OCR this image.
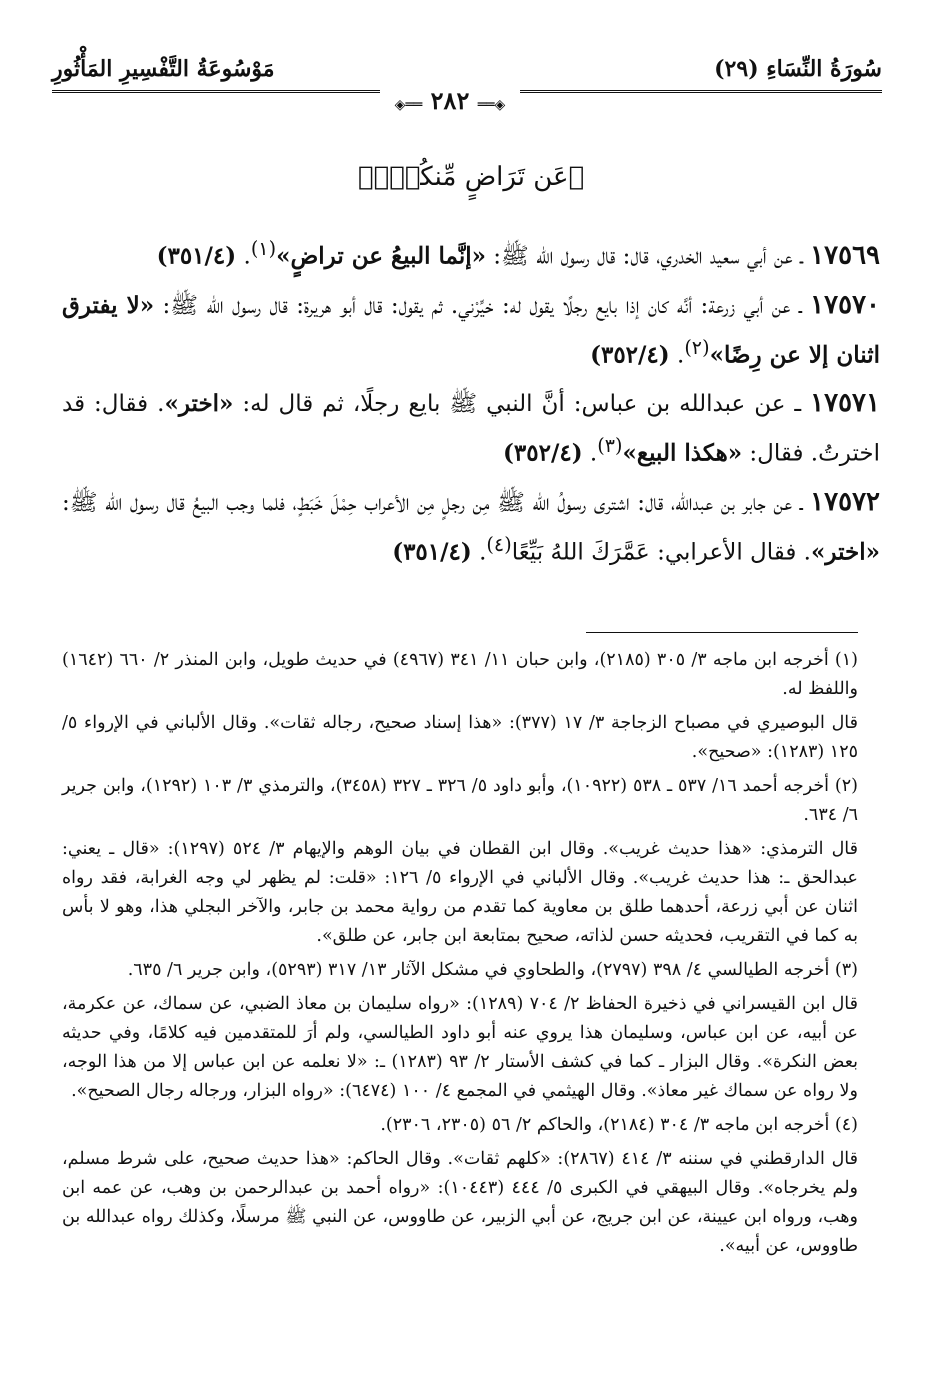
سُورَةُ النِّسَاءِ (٢٩)
مَوْسُوعَةُ التَّفْسِيرِ المَأْثُورِ
◈══ ٢٨٢ ══◈
﴿عَن تَرَاضٍ مِّنكُمْۚ﴾

١٧٥٦٩ ـ عن أبي سعيد الخدري، قال: قال رسول الله ﷺ: «إنَّما البيعُ عن تراضٍ»$^{(١)}$. (٣٥١/٤)

١٧٥٧٠ ـ عن أبي زرعة: أنَّه كان إذا بايع رجلًا يقول له: خيِّرْني. ثم يقول: قال أبو هريرة: قال رسول الله ﷺ: «لا يفترق اثنان إلا عن رِضًا»$^{(٢)}$. (٣٥٢/٤)

١٧٥٧١ ـ عن عبدالله بن عباس: أنَّ النبي ﷺ بايع رجلًا، ثم قال له: «اختر». فقال: قد اخترتُ. فقال: «هكذا البيع»$^{(٣)}$. (٣٥٢/٤)

١٧٥٧٢ ـ عن جابر بن عبدالله، قال: اشترى رسولُ الله ﷺ مِن رجلٍ مِن الأعراب حِمْلَ خَبَطٍ، فلما وجب البيعُ قال رسول الله ﷺ: «اختر». فقال الأعرابي: عَمَّرَكَ اللهُ بَيِّعًا$^{(٤)}$. (٣٥١/٤)

(١) أخرجه ابن ماجه ٣/ ٣٠٥ (٢١٨٥)، وابن حبان ١١/ ٣٤١ (٤٩٦٧) في حديث طويل، وابن المنذر ٢/ ٦٦٠ (١٦٤٢) واللفظ له.

قال البوصيري في مصباح الزجاجة ٣/ ١٧ (٣٧٧): «هذا إسناد صحيح، رجاله ثقات». وقال الألباني في الإرواء ٥/ ١٢٥ (١٢٨٣): «صحيح».

(٢) أخرجه أحمد ١٦/ ٥٣٧ ـ ٥٣٨ (١٠٩٢٢)، وأبو داود ٥/ ٣٢٦ ـ ٣٢٧ (٣٤٥٨)، والترمذي ٣/ ١٠٣ (١٢٩٢)، وابن جرير ٦/ ٦٣٤.

قال الترمذي: «هذا حديث غريب». وقال ابن القطان في بيان الوهم والإيهام ٣/ ٥٢٤ (١٢٩٧): «قال ـ يعني: عبدالحق ـ: هذا حديث غريب». وقال الألباني في الإرواء ٥/ ١٢٦: «قلت: لم يظهر لي وجه الغرابة، فقد رواه اثنان عن أبي زرعة، أحدهما طلق بن معاوية كما تقدم من رواية محمد بن جابر، والآخر البجلي هذا، وهو لا بأس به كما في التقريب، فحديثه حسن لذاته، صحيح بمتابعة ابن جابر، عن طلق».

(٣) أخرجه الطيالسي ٤/ ٣٩٨ (٢٧٩٧)، والطحاوي في مشكل الآثار ١٣/ ٣١٧ (٥٢٩٣)، وابن جرير ٦/ ٦٣٥.

قال ابن القيسراني في ذخيرة الحفاظ ٢/ ٧٠٤ (١٢٨٩): «رواه سليمان بن معاذ الضبي، عن سماك، عن عكرمة، عن أبيه، عن ابن عباس، وسليمان هذا يروي عنه أبو داود الطيالسي، ولم أرَ للمتقدمين فيه كلامًا، وفي حديثه بعض النكرة». وقال البزار ـ كما في كشف الأستار ٢/ ٩٣ (١٢٨٣) ـ: «لا نعلمه عن ابن عباس إلا من هذا الوجه، ولا رواه عن سماك غير معاذ». وقال الهيثمي في المجمع ٤/ ١٠٠ (٦٤٧٤): «رواه البزار، ورجاله رجال الصحيح».

(٤) أخرجه ابن ماجه ٣/ ٣٠٤ (٢١٨٤)، والحاكم ٢/ ٥٦ (٢٣٠٥، ٢٣٠٦).

قال الدارقطني في سننه ٣/ ٤١٤ (٢٨٦٧): «كلهم ثقات». وقال الحاكم: «هذا حديث صحيح، على شرط مسلم، ولم يخرجاه». وقال البيهقي في الكبرى ٥/ ٤٤٤ (١٠٤٤٣): «رواه أحمد بن عبدالرحمن بن وهب، عن عمه ابن وهب، ورواه ابن عيينة، عن ابن جريج، عن أبي الزبير، عن طاووس، عن النبي ﷺ مرسلًا، وكذلك رواه عبدالله بن طاووس، عن أبيه».
